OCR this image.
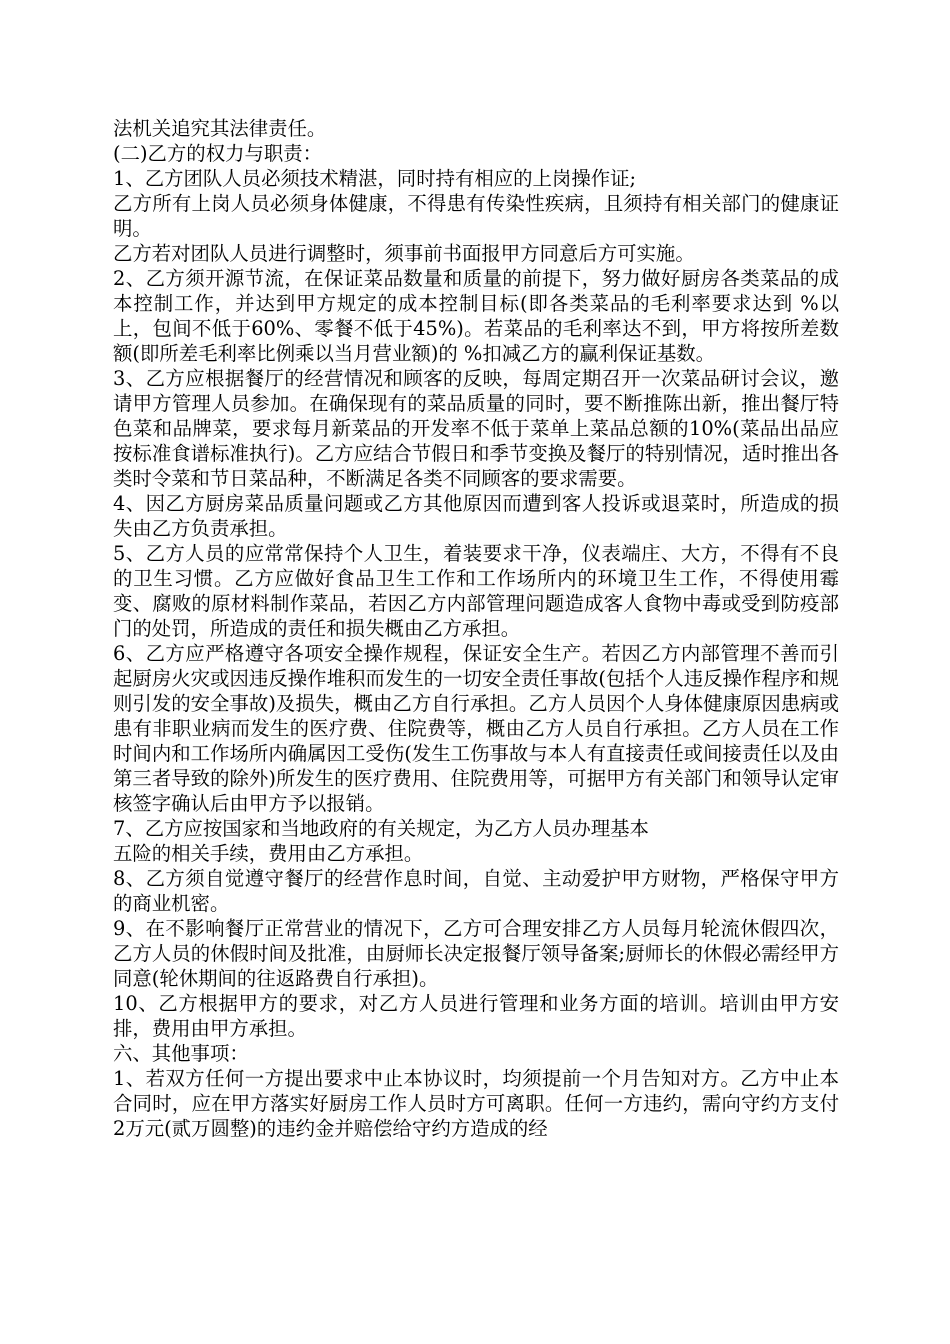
法机关追究其法律责任。

(二)乙方的权力与职责：

1、乙方团队人员必须技术精湛，同时持有相应的上岗操作证;

乙方所有上岗人员必须身体健康，不得患有传染性疾病，且须持有相关部门的健康证明。

乙方若对团队人员进行调整时，须事前书面报甲方同意后方可实施。

2、乙方须开源节流，在保证菜品数量和质量的前提下，努力做好厨房各类菜品的成本控制工作，并达到甲方规定的成本控制目标(即各类菜品的毛利率要求达到 %以上，包间不低于60%、零餐不低于45%)。若菜品的毛利率达不到，甲方将按所差数额(即所差毛利率比例乘以当月营业额)的 %扣减乙方的赢利保证基数。

3、乙方应根据餐厅的经营情况和顾客的反映，每周定期召开一次菜品研讨会议，邀请甲方管理人员参加。在确保现有的菜品质量的同时，要不断推陈出新，推出餐厅特色菜和品牌菜，要求每月新菜品的开发率不低于菜单上菜品总额的10%(菜品出品应按标准食谱标准执行)。乙方应结合节假日和季节变换及餐厅的特别情况，适时推出各类时令菜和节日菜品种，不断满足各类不同顾客的要求需要。

4、因乙方厨房菜品质量问题或乙方其他原因而遭到客人投诉或退菜时，所造成的损失由乙方负责承担。

5、乙方人员的应常常保持个人卫生，着装要求干净，仪表端庄、大方，不得有不良的卫生习惯。乙方应做好食品卫生工作和工作场所内的环境卫生工作，不得使用霉变、腐败的原材料制作菜品，若因乙方内部管理问题造成客人食物中毒或受到防疫部门的处罚，所造成的责任和损失概由乙方承担。

6、乙方应严格遵守各项安全操作规程，保证安全生产。若因乙方内部管理不善而引起厨房火灾或因违反操作堆积而发生的一切安全责任事故(包括个人违反操作程序和规则引发的安全事故)及损失，概由乙方自行承担。乙方人员因个人身体健康原因患病或患有非职业病而发生的医疗费、住院费等，概由乙方人员自行承担。乙方人员在工作时间内和工作场所内确属因工受伤(发生工伤事故与本人有直接责任或间接责任以及由第三者导致的除外)所发生的医疗费用、住院费用等，可据甲方有关部门和领导认定审核签字确认后由甲方予以报销。

7、乙方应按国家和当地政府的有关规定，为乙方人员办理基本

五险的相关手续，费用由乙方承担。

8、乙方须自觉遵守餐厅的经营作息时间，自觉、主动爱护甲方财物，严格保守甲方的商业机密。

9、在不影响餐厅正常营业的情况下，乙方可合理安排乙方人员每月轮流休假四次，乙方人员的休假时间及批准，由厨师长决定报餐厅领导备案;厨师长的休假必需经甲方同意(轮休期间的往返路费自行承担)。

10、乙方根据甲方的要求，对乙方人员进行管理和业务方面的培训。培训由甲方安排，费用由甲方承担。

六、其他事项：

1、若双方任何一方提出要求中止本协议时，均须提前一个月告知对方。乙方中止本合同时，应在甲方落实好厨房工作人员时方可离职。任何一方违约，需向守约方支付2万元(贰万圆整)的违约金并赔偿给守约方造成的经
